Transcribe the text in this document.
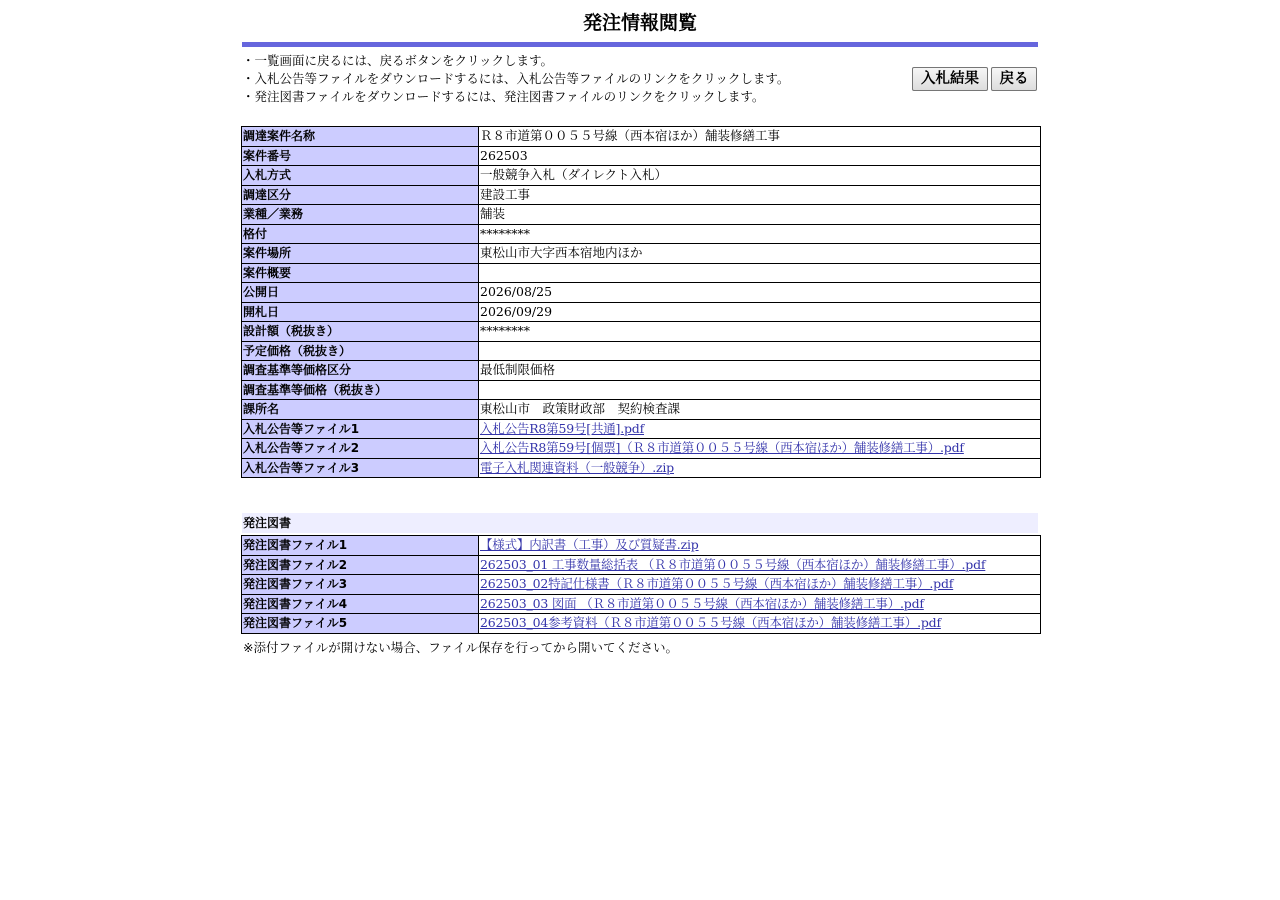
発注情報閲覧
・一覧画面に戻るには、戻るボタンをクリックします。
・入札公告等ファイルをダウンロードするには、入札公告等ファイルのリンクをクリックします。
・発注図書ファイルをダウンロードするには、発注図書ファイルのリンクをクリックします。
入札結果	戻る
調達案件名称	Ｒ８市道第００５５号線（西本宿ほか）舗装修繕工事
案件番号	262503
入札方式	一般競争入札（ダイレクト入札）
調達区分	建設工事
業種／業務	舗装
格付	********
案件場所	東松山市大字西本宿地内ほか
案件概要	
公開日	2026/08/25
開札日	2026/09/29
設計額（税抜き）	********
予定価格（税抜き）	
調査基準等価格区分	最低制限価格
調査基準等価格（税抜き）	
課所名	東松山市　政策財政部　契約検査課
入札公告等ファイル1	入札公告R8第59号[共通].pdf
入札公告等ファイル2	入札公告R8第59号[個票]（Ｒ８市道第００５５号線（西本宿ほか）舗装修繕工事）.pdf
入札公告等ファイル3	電子入札関連資料（一般競争）.zip
発注図書
発注図書ファイル1	【様式】内訳書（工事）及び質疑書.zip
発注図書ファイル2	262503_01 工事数量総括表 （Ｒ８市道第００５５号線（西本宿ほか）舗装修繕工事）.pdf
発注図書ファイル3	262503_02特記仕様書（Ｒ８市道第００５５号線（西本宿ほか）舗装修繕工事）.pdf
発注図書ファイル4	262503_03 図面 （Ｒ８市道第００５５号線（西本宿ほか）舗装修繕工事）.pdf
発注図書ファイル5	262503_04参考資料（Ｒ８市道第００５５号線（西本宿ほか）舗装修繕工事）.pdf
※添付ファイルが開けない場合、ファイル保存を行ってから開いてください。
